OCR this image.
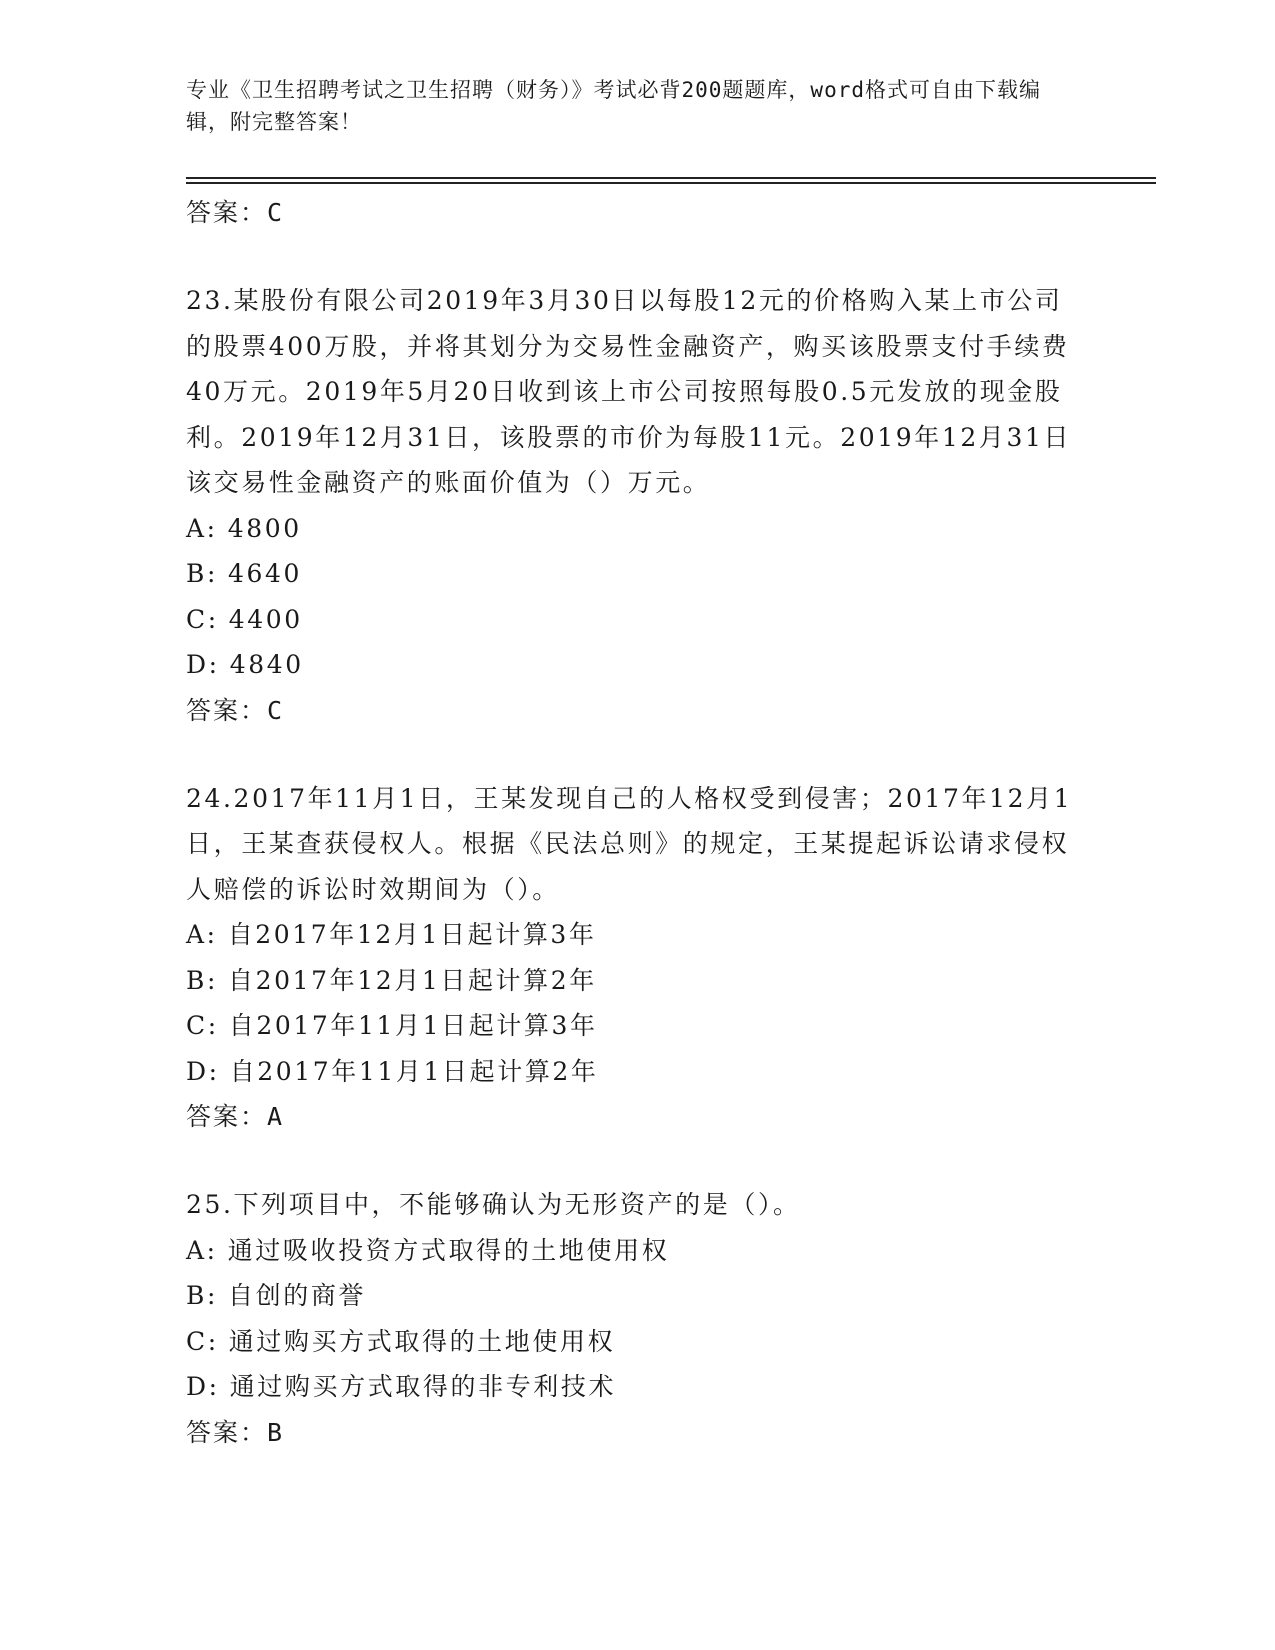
专业《卫生招聘考试之卫生招聘（财务）》考试必背200题题库，word格式可自由下载编辑，附完整答案！
答案：C

23.某股份有限公司2019年3月30日以每股12元的价格购入某上市公司的股票400万股，并将其划分为交易性金融资产，购买该股票支付手续费40万元。2019年5月20日收到该上市公司按照每股0.5元发放的现金股利。2019年12月31日，该股票的市价为每股11元。2019年12月31日该交易性金融资产的账面价值为（）万元。

A: 4800
B: 4640
C: 4400
D: 4840
答案：C

24.2017年11月1日，王某发现自己的人格权受到侵害；2017年12月1日，王某查获侵权人。根据《民法总则》的规定，王某提起诉讼请求侵权人赔偿的诉讼时效期间为（）。

A: 自2017年12月1日起计算3年
B: 自2017年12月1日起计算2年
C: 自2017年11月1日起计算3年
D: 自2017年11月1日起计算2年
答案：A

25.下列项目中，不能够确认为无形资产的是（）。

A: 通过吸收投资方式取得的土地使用权
B: 自创的商誉
C: 通过购买方式取得的土地使用权
D: 通过购买方式取得的非专利技术
答案：B
